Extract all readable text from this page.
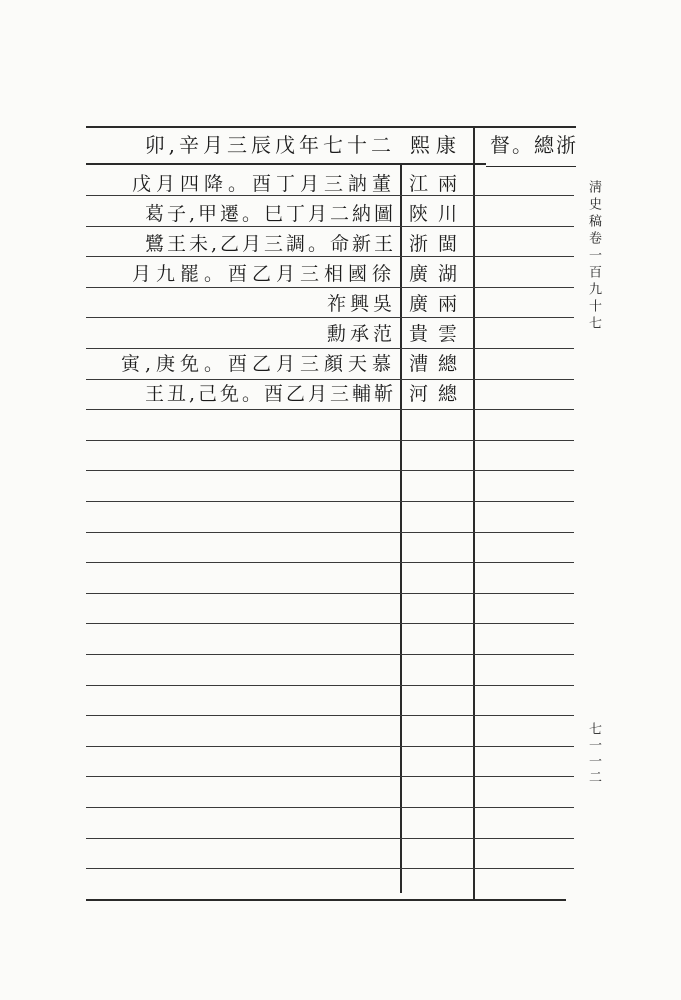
卯,辛月三辰戊年七十二 熙康	督。總浙
戊月四降。酉丁月三訥董 江兩
葛子,甲遷。巳丁月二納圖 陝川
鷺王未,乙月三調。命新王 浙閩
月九罷。酉乙月三相國徐 廣湖
祚興吳 廣兩
勳承范 貴雲
寅,庚免。酉乙月三顏天慕 漕總
王丑,己免。酉乙月三輔靳 河總
淸史稿卷一百九十七
七一一二
